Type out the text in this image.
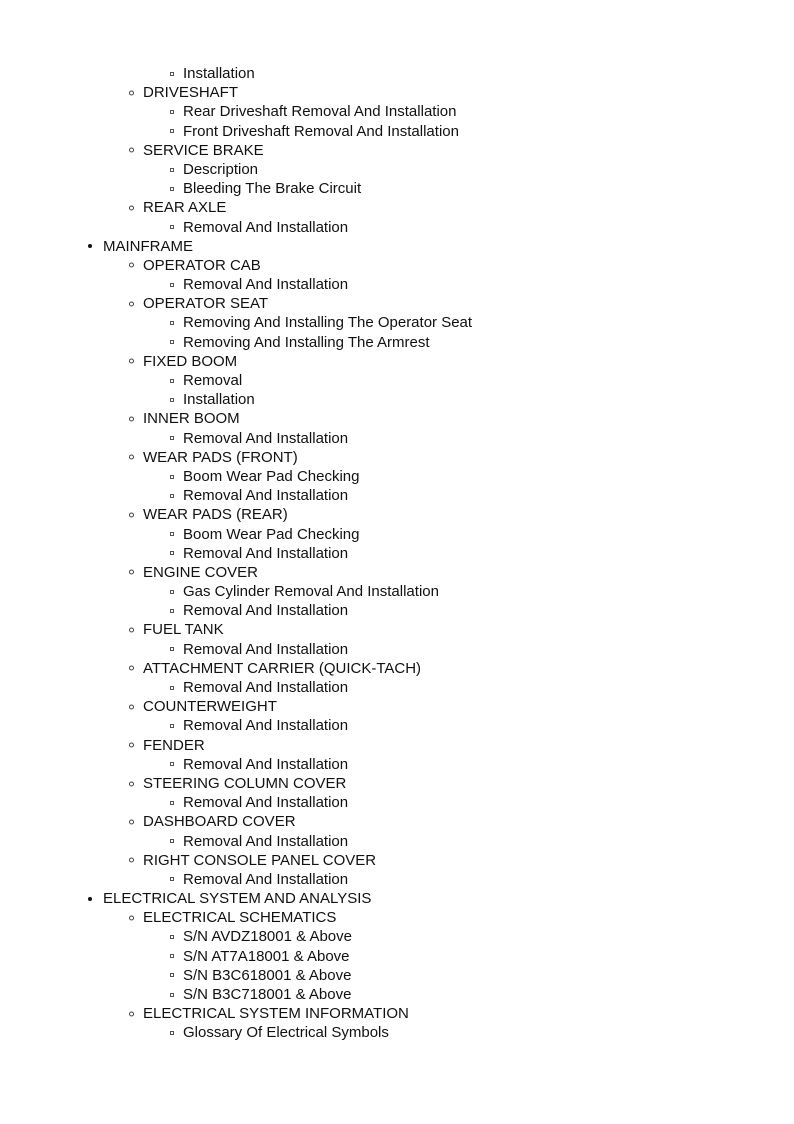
Installation
DRIVESHAFT
Rear Driveshaft Removal And Installation
Front Driveshaft Removal And Installation
SERVICE BRAKE
Description
Bleeding The Brake Circuit
REAR AXLE
Removal And Installation
MAINFRAME
OPERATOR CAB
Removal And Installation
OPERATOR SEAT
Removing And Installing The Operator Seat
Removing And Installing The Armrest
FIXED BOOM
Removal
Installation
INNER BOOM
Removal And Installation
WEAR PADS (FRONT)
Boom Wear Pad Checking
Removal And Installation
WEAR PADS (REAR)
Boom Wear Pad Checking
Removal And Installation
ENGINE COVER
Gas Cylinder Removal And Installation
Removal And Installation
FUEL TANK
Removal And Installation
ATTACHMENT CARRIER (QUICK-TACH)
Removal And Installation
COUNTERWEIGHT
Removal And Installation
FENDER
Removal And Installation
STEERING COLUMN COVER
Removal And Installation
DASHBOARD COVER
Removal And Installation
RIGHT CONSOLE PANEL COVER
Removal And Installation
ELECTRICAL SYSTEM AND ANALYSIS
ELECTRICAL SCHEMATICS
S/N AVDZ18001 & Above
S/N AT7A18001 & Above
S/N B3C618001 & Above
S/N B3C718001 & Above
ELECTRICAL SYSTEM INFORMATION
Glossary Of Electrical Symbols
